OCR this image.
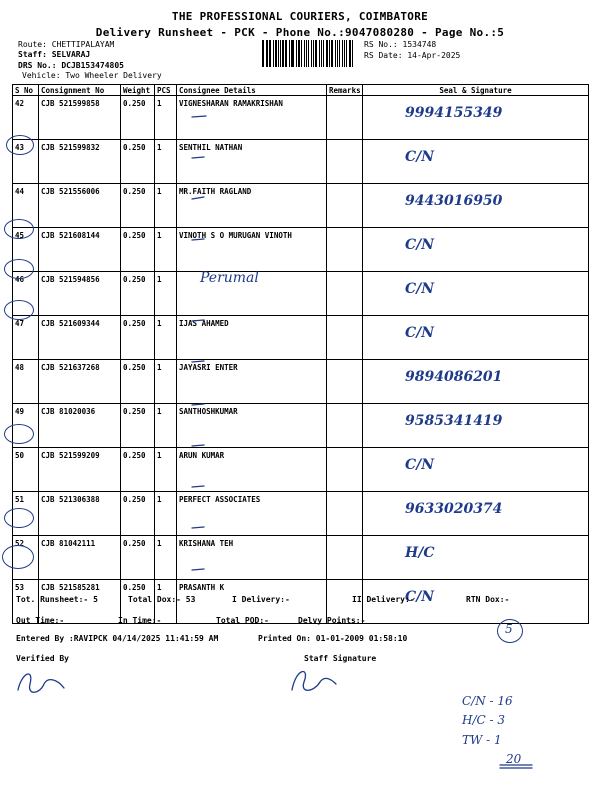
THE PROFESSIONAL COURIERS, COIMBATORE
Delivery Runsheet - PCK - Phone No.:9047080280 - Page No.:5
Route: CHETTIPALAYAM
Staff: SELVARAJ
DRS No.: DCJB153474805
Vehicle: Two Wheeler Delivery
RS No.: 1534748
RS Date: 14-Apr-2025
S No	Consignment No	Weight	PCS	Consignee Details	Remarks	Seal & Signature
42	CJB 521599858	0.250	1	VIGNESHARAN RAMAKRISHAN		9994155349
43	CJB 521599832	0.250	1	SENTHIL NATHAN		C/N
44	CJB 521556006	0.250	1	MR.FAITH RAGLAND		9443016950
45	CJB 521608144	0.250	1	VINOTH S O MURUGAN VINOTH		C/N
46	CJB 521594856	0.250	1			C/N
47	CJB 521609344	0.250	1	IJAS AHAMED		C/N
48	CJB 521637268	0.250	1	JAYASRI ENTER		9894086201
49	CJB 81020036	0.250	1	SANTHOSHKUMAR		9585341419
50	CJB 521599209	0.250	1	ARUN KUMAR		C/N
51	CJB 521306388	0.250	1	PERFECT ASSOCIATES		9633020374
52	CJB 81042111	0.250	1	KRISHANA TEH		H/C
53	CJB 521585281	0.250	1	PRASANTH K		C/N
Perumal
Tot. Runsheet:- 5	Total Dox:- 53	I Delivery:-	II Delivery:-	RTN Dox:-
Out Time:-	In Time:-	Total POD:-	Delvy Points:-
Entered By :RAVIPCK 04/14/2025 11:41:59 AM	Printed On: 01-01-2009 01:58:10
Verified By	Staff Signature
5
C/N - 16
H/C - 3
TW - 1
20
